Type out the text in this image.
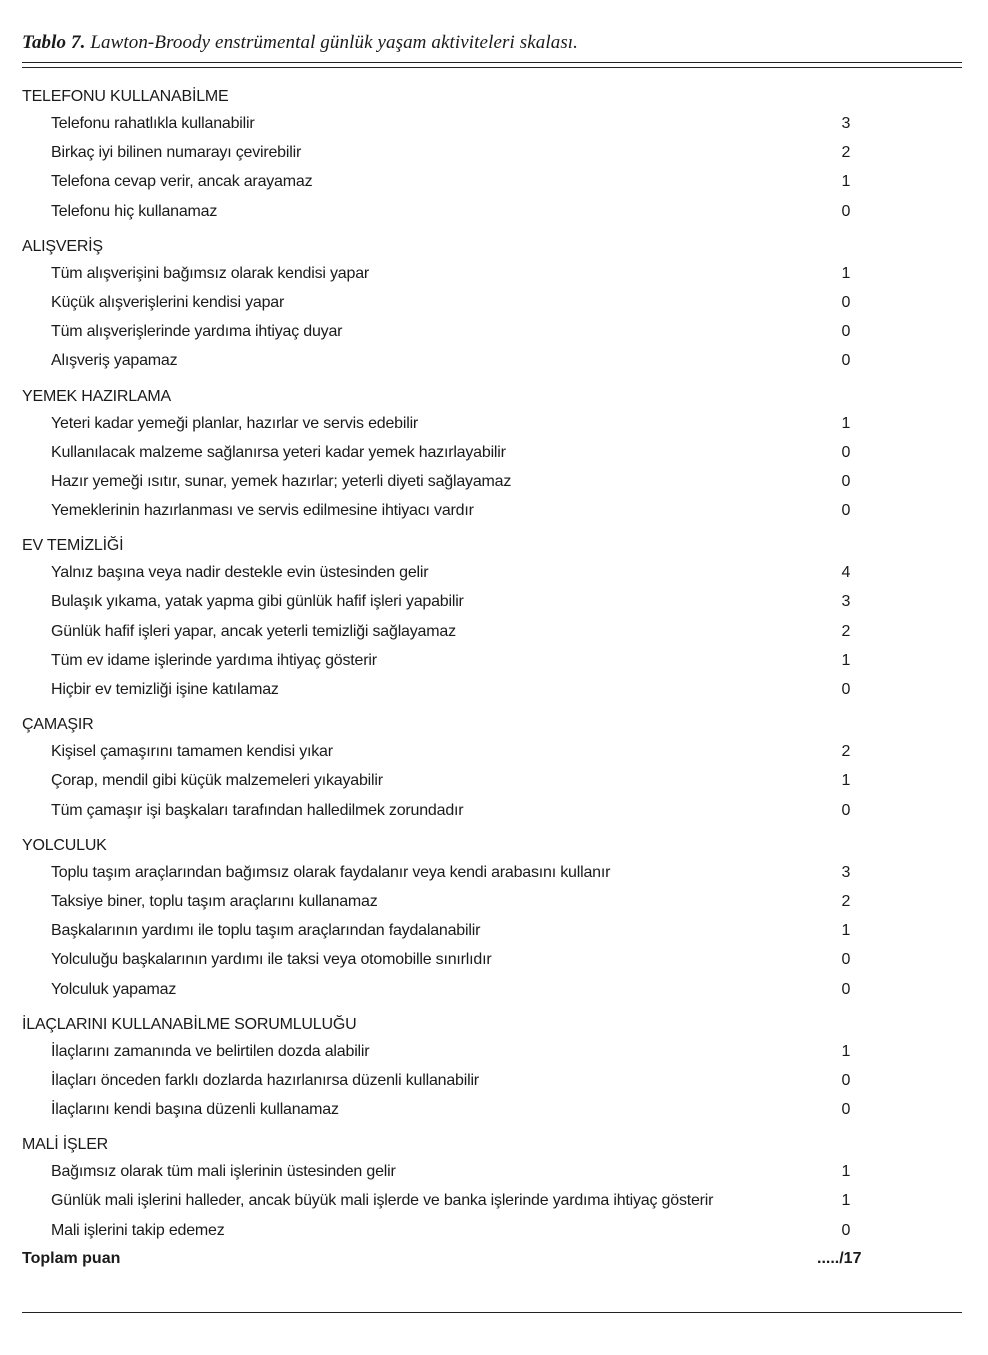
Tablo 7. Lawton-Broody enstrümental günlük yaşam aktiviteleri skalası.
TELEFONU KULLANABİLME
Telefonu rahatlıkla kullanabilir	3
Birkaç iyi bilinen numarayı çevirebilir	2
Telefona cevap verir, ancak arayamaz	1
Telefonu hiç kullanamaz	0
ALIŞVERİŞ
Tüm alışverişini bağımsız olarak kendisi yapar	1
Küçük alışverişlerini kendisi yapar	0
Tüm alışverişlerinde yardıma ihtiyaç duyar	0
Alışveriş yapamaz	0
YEMEK HAZIRLAMA
Yeteri kadar yemeği planlar, hazırlar ve servis edebilir	1
Kullanılacak malzeme sağlanırsa yeteri kadar yemek hazırlayabilir	0
Hazır yemeği ısıtır, sunar, yemek hazırlar; yeterli diyeti sağlayamaz	0
Yemeklerinin hazırlanması ve servis edilmesine ihtiyacı vardır	0
EV TEMİZLİĞİ
Yalnız başına veya nadir destekle evin üstesinden gelir	4
Bulaşık yıkama, yatak yapma gibi günlük hafif işleri yapabilir	3
Günlük hafif işleri yapar, ancak yeterli temizliği sağlayamaz	2
Tüm ev idame işlerinde yardıma ihtiyaç gösterir	1
Hiçbir ev temizliği işine katılamaz	0
ÇAMAŞIR
Kişisel çamaşırını tamamen kendisi yıkar	2
Çorap, mendil gibi küçük malzemeleri yıkayabilir	1
Tüm çamaşır işi başkaları tarafından halledilmek zorundadır	0
YOLCULUK
Toplu taşım araçlarından bağımsız olarak faydalanır veya kendi arabasını kullanır	3
Taksiye biner, toplu taşım araçlarını kullanamaz	2
Başkalarının yardımı ile toplu taşım araçlarından faydalanabilir	1
Yolculuğu başkalarının yardımı ile taksi veya otomobille sınırlıdır	0
Yolculuk yapamaz	0
İLAÇLARINI KULLANABİLME SORUMLULUĞU
İlaçlarını zamanında ve belirtilen dozda alabilir	1
İlaçları önceden farklı dozlarda hazırlanırsa düzenli kullanabilir	0
İlaçlarını kendi başına düzenli kullanamaz	0
MALİ İŞLER
Bağımsız olarak tüm mali işlerinin üstesinden gelir	1
Günlük mali işlerini halleder, ancak büyük mali işlerde ve banka işlerinde yardıma ihtiyaç gösterir	1
Mali işlerini takip edemez	0
Toplam puan	...../17
